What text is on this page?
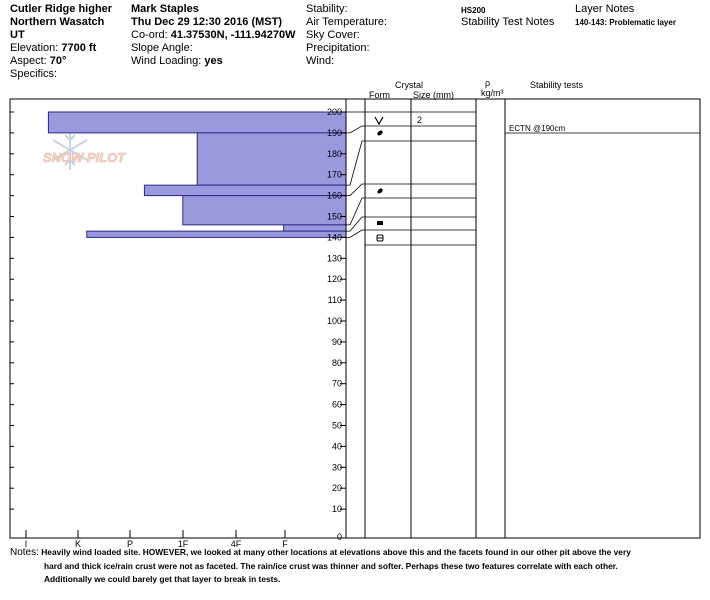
Cutler Ridge higher
Northern Wasatch
UT
Elevation: 7700 ft
Aspect: 70°
Specifics:
Mark Staples
Thu Dec 29 12:30 2016 (MST)
Co-ord: 41.37530N, -111.94270W
Slope Angle:
Wind Loading: yes
Stability:
Air Temperature:
Sky Cover:
Precipitation:
Wind:
HS200
Stability Test Notes
Layer Notes
140-143: Problematic layer
Crystal
Form	Size (mm)
ρ
kg/m³
Stability tests
SNOW PILOT
10
20
30
40
50
60
70
80
90
100
110
120
130
140
150
160
170
180
190
200
0
I	K	P	1F	4F	F
2
ECTN @190cm
Notes: Heavily wind loaded site. HOWEVER, we looked at many other locations at elevations above this and the facets found in our other pit above the very
hard and thick ice/rain crust were not as faceted. The rain/ice crust was thinner and softer. Perhaps these two features correlate with each other.
Additionally we could barely get that layer to break in tests.
